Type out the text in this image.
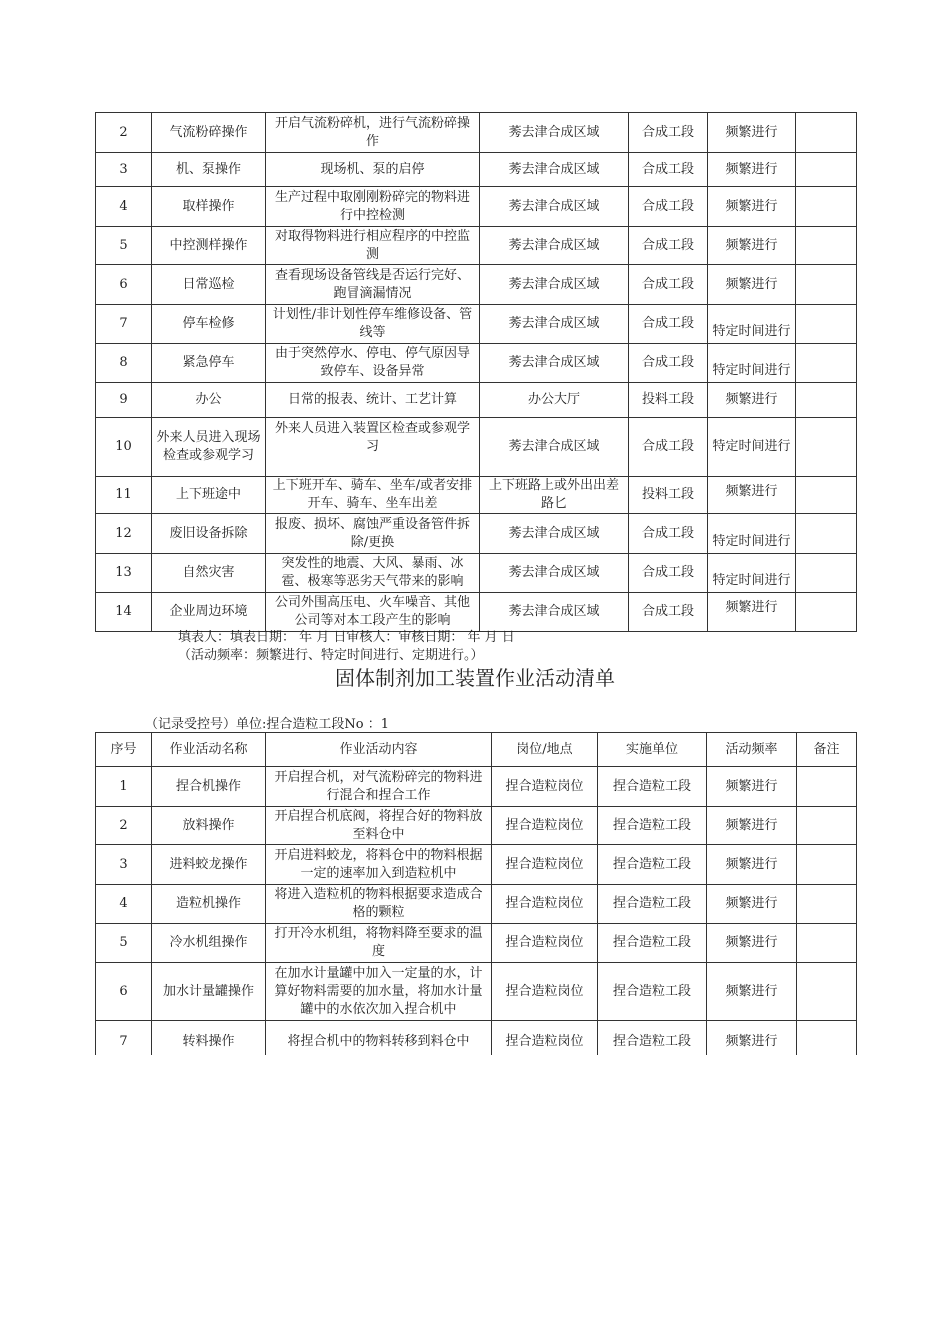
2	气流粉碎操作	开启气流粉碎机，进行气流粉碎操作	莠去津合成区域	合成工段	频繁进行	
3	机、泵操作	现场机、泵的启停	莠去津合成区域	合成工段	频繁进行	
4	取样操作	生产过程中取刚刚粉碎完的物料进行中控检测	莠去津合成区域	合成工段	频繁进行	
5	中控测样操作	对取得物料进行相应程序的中控监测	莠去津合成区域	合成工段	频繁进行	
6	日常巡检	查看现场设备管线是否运行完好、跑冒滴漏情况	莠去津合成区域	合成工段	频繁进行	
7	停车检修	计划性/非计划性停车维修设备、管线等	莠去津合成区域	合成工段	特定时间进行	
8	紧急停车	由于突然停水、停电、停气原因导致停车、设备异常	莠去津合成区域	合成工段	特定时间进行	
9	办公	日常的报表、统计、工艺计算	办公大厅	投料工段	频繁进行	
10	外来人员进入现场检查或参观学习	外来人员进入装置区检查或参观学习	莠去津合成区域	合成工段	特定时间进行	
11	上下班途中	上下班开车、骑车、坐车/或者安排开车、骑车、坐车出差	上下班路上或外出出差路匕	投料工段	频繁进行	
12	废旧设备拆除	报废、损坏、腐蚀严重设备管件拆除/更换	莠去津合成区域	合成工段	特定时间进行	
13	自然灾害	突发性的地震、大风、暴雨、冰雹、极寒等恶劣天气带来的影响	莠去津合成区域	合成工段	特定时间进行	
14	企业周边环境	公司外围高压电、火车噪音、其他公司等对本工段产生的影响	莠去津合成区域	合成工段	频繁进行	
填表人：填表日期： 年 月 日审核人：审核日期： 年 月 日
（活动频率：频繁进行、特定时间进行、定期进行。）
固体制剂加工装置作业活动清单
（记录受控号）单位:捏合造粒工段No ：1
序号	作业活动名称	作业活动内容	岗位/地点	实施单位	活动频率	备注
1	捏合机操作	开启捏合机，对气流粉碎完的物料进行混合和捏合工作	捏合造粒岗位	捏合造粒工段	频繁进行	
2	放料操作	开启捏合机底阀，将捏合好的物料放至料仓中	捏合造粒岗位	捏合造粒工段	频繁进行	
3	进料蛟龙操作	开启进料蛟龙，将料仓中的物料根据一定的速率加入到造粒机中	捏合造粒岗位	捏合造粒工段	频繁进行	
4	造粒机操作	将进入造粒机的物料根据要求造成合格的颗粒	捏合造粒岗位	捏合造粒工段	频繁进行	
5	冷水机组操作	打开冷水机组，将物料降至要求的温度	捏合造粒岗位	捏合造粒工段	频繁进行	
6	加水计量罐操作	在加水计量罐中加入一定量的水，计算好物料需要的加水量，将加水计量罐中的水依次加入捏合机中	捏合造粒岗位	捏合造粒工段	频繁进行	
7	转料操作	将捏合机中的物料转移到料仓中	捏合造粒岗位	捏合造粒工段	频繁进行	
